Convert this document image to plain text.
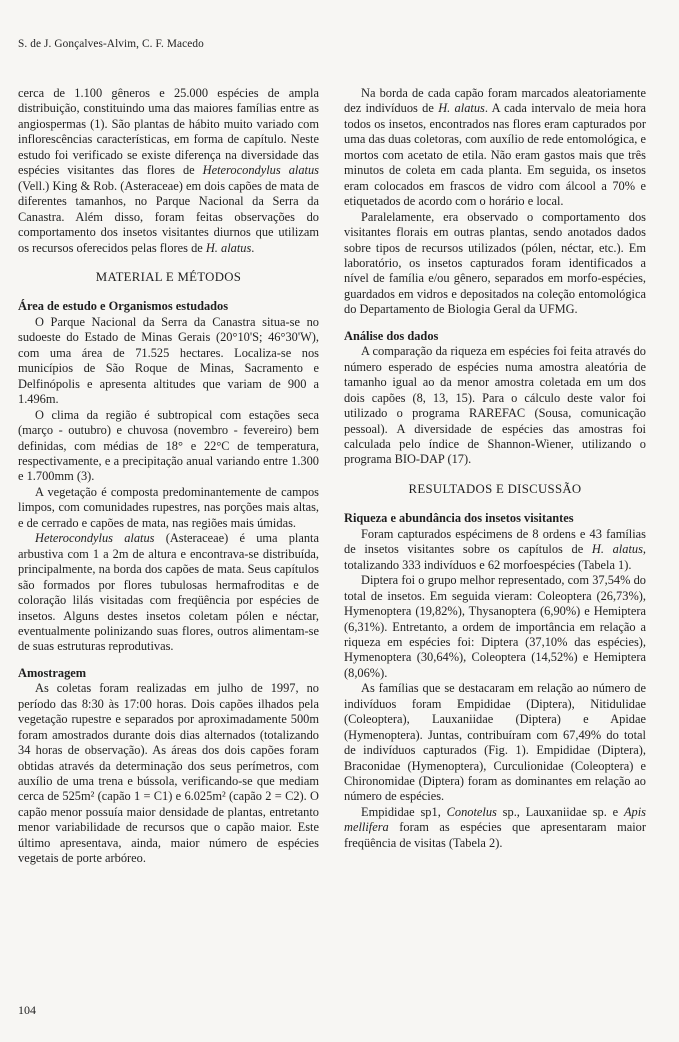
S. de J. Gonçalves-Alvim, C. F. Macedo

cerca de 1.100 gêneros e 25.000 espécies de ampla distribuição, constituindo uma das maiores famílias entre as angiospermas (1). São plantas de hábito muito variado com inflorescências características, em forma de capítulo. Neste estudo foi verificado se existe diferença na diversidade das espécies visitantes das flores de Heterocondylus alatus (Vell.) King & Rob. (Asteraceae) em dois capões de mata de diferentes tamanhos, no Parque Nacional da Serra da Canastra. Além disso, foram feitas observações do comportamento dos insetos visitantes diurnos que utilizam os recursos oferecidos pelas flores de H. alatus.

MATERIAL E MÉTODOS
Área de estudo e Organismos estudados

O Parque Nacional da Serra da Canastra situa-se no sudoeste do Estado de Minas Gerais (20°10'S; 46°30'W), com uma área de 71.525 hectares. Localiza-se nos municípios de São Roque de Minas, Sacramento e Delfinópolis e apresenta altitudes que variam de 900 a 1.496m.

O clima da região é subtropical com estações seca (março - outubro) e chuvosa (novembro - fevereiro) bem definidas, com médias de 18° e 22°C de temperatura, respectivamente, e a precipitação anual variando entre 1.300 e 1.700mm (3).

A vegetação é composta predominantemente de campos limpos, com comunidades rupestres, nas porções mais altas, e de cerrado e capões de mata, nas regiões mais úmidas.

Heterocondylus alatus (Asteraceae) é uma planta arbustiva com 1 a 2m de altura e encontrava-se distribuída, principalmente, na borda dos capões de mata. Seus capítulos são formados por flores tubulosas hermafroditas e de coloração lilás visitadas com freqüência por espécies de insetos. Alguns destes insetos coletam pólen e néctar, eventualmente polinizando suas flores, outros alimentam-se de suas estruturas reprodutivas.

Amostragem

As coletas foram realizadas em julho de 1997, no período das 8:30 às 17:00 horas. Dois capões ilhados pela vegetação rupestre e separados por aproximadamente 500m foram amostrados durante dois dias alternados (totalizando 34 horas de observação). As áreas dos dois capões foram obtidas através da determinação dos seus perímetros, com auxílio de uma trena e bússola, verificando-se que mediam cerca de 525m² (capão 1 = C1) e 6.025m² (capão 2 = C2). O capão menor possuía maior densidade de plantas, entretanto menor variabilidade de recursos que o capão maior. Este último apresentava, ainda, maior número de espécies vegetais de porte arbóreo.

Na borda de cada capão foram marcados aleatoriamente dez indivíduos de H. alatus. A cada intervalo de meia hora todos os insetos, encontrados nas flores eram capturados por uma das duas coletoras, com auxílio de rede entomológica, e mortos com acetato de etila. Não eram gastos mais que três minutos de coleta em cada planta. Em seguida, os insetos eram colocados em frascos de vidro com álcool a 70% e etiquetados de acordo com o horário e local.

Paralelamente, era observado o comportamento dos visitantes florais em outras plantas, sendo anotados dados sobre tipos de recursos utilizados (pólen, néctar, etc.). Em laboratório, os insetos capturados foram identificados a nível de família e/ou gênero, separados em morfo-espécies, guardados em vidros e depositados na coleção entomológica do Departamento de Biologia Geral da UFMG.

Análise dos dados

A comparação da riqueza em espécies foi feita através do número esperado de espécies numa amostra aleatória de tamanho igual ao da menor amostra coletada em um dos dois capões (8, 13, 15). Para o cálculo deste valor foi utilizado o programa RAREFAC (Sousa, comunicação pessoal). A diversidade de espécies das amostras foi calculada pelo índice de Shannon-Wiener, utilizando o programa BIO-DAP (17).

RESULTADOS E DISCUSSÃO
Riqueza e abundância dos insetos visitantes

Foram capturados espécimens de 8 ordens e 43 famílias de insetos visitantes sobre os capítulos de H. alatus, totalizando 333 indivíduos e 62 morfoespécies (Tabela 1).

Diptera foi o grupo melhor representado, com 37,54% do total de insetos. Em seguida vieram: Coleoptera (26,73%), Hymenoptera (19,82%), Thysanoptera (6,90%) e Hemiptera (6,31%). Entretanto, a ordem de importância em relação a riqueza em espécies foi: Diptera (37,10% das espécies), Hymenoptera (30,64%), Coleoptera (14,52%) e Hemiptera (8,06%).

As famílias que se destacaram em relação ao número de indivíduos foram Empididae (Diptera), Nitidulidae (Coleoptera), Lauxaniidae (Diptera) e Apidae (Hymenoptera). Juntas, contribuíram com 67,49% do total de indivíduos capturados (Fig. 1). Empididae (Diptera), Braconidae (Hymenoptera), Curculionidae (Coleoptera) e Chironomidae (Diptera) foram as dominantes em relação ao número de espécies.

Empididae sp1, Conotelus sp., Lauxaniidae sp. e Apis mellifera foram as espécies que apresentaram maior freqüência de visitas (Tabela 2).

104
